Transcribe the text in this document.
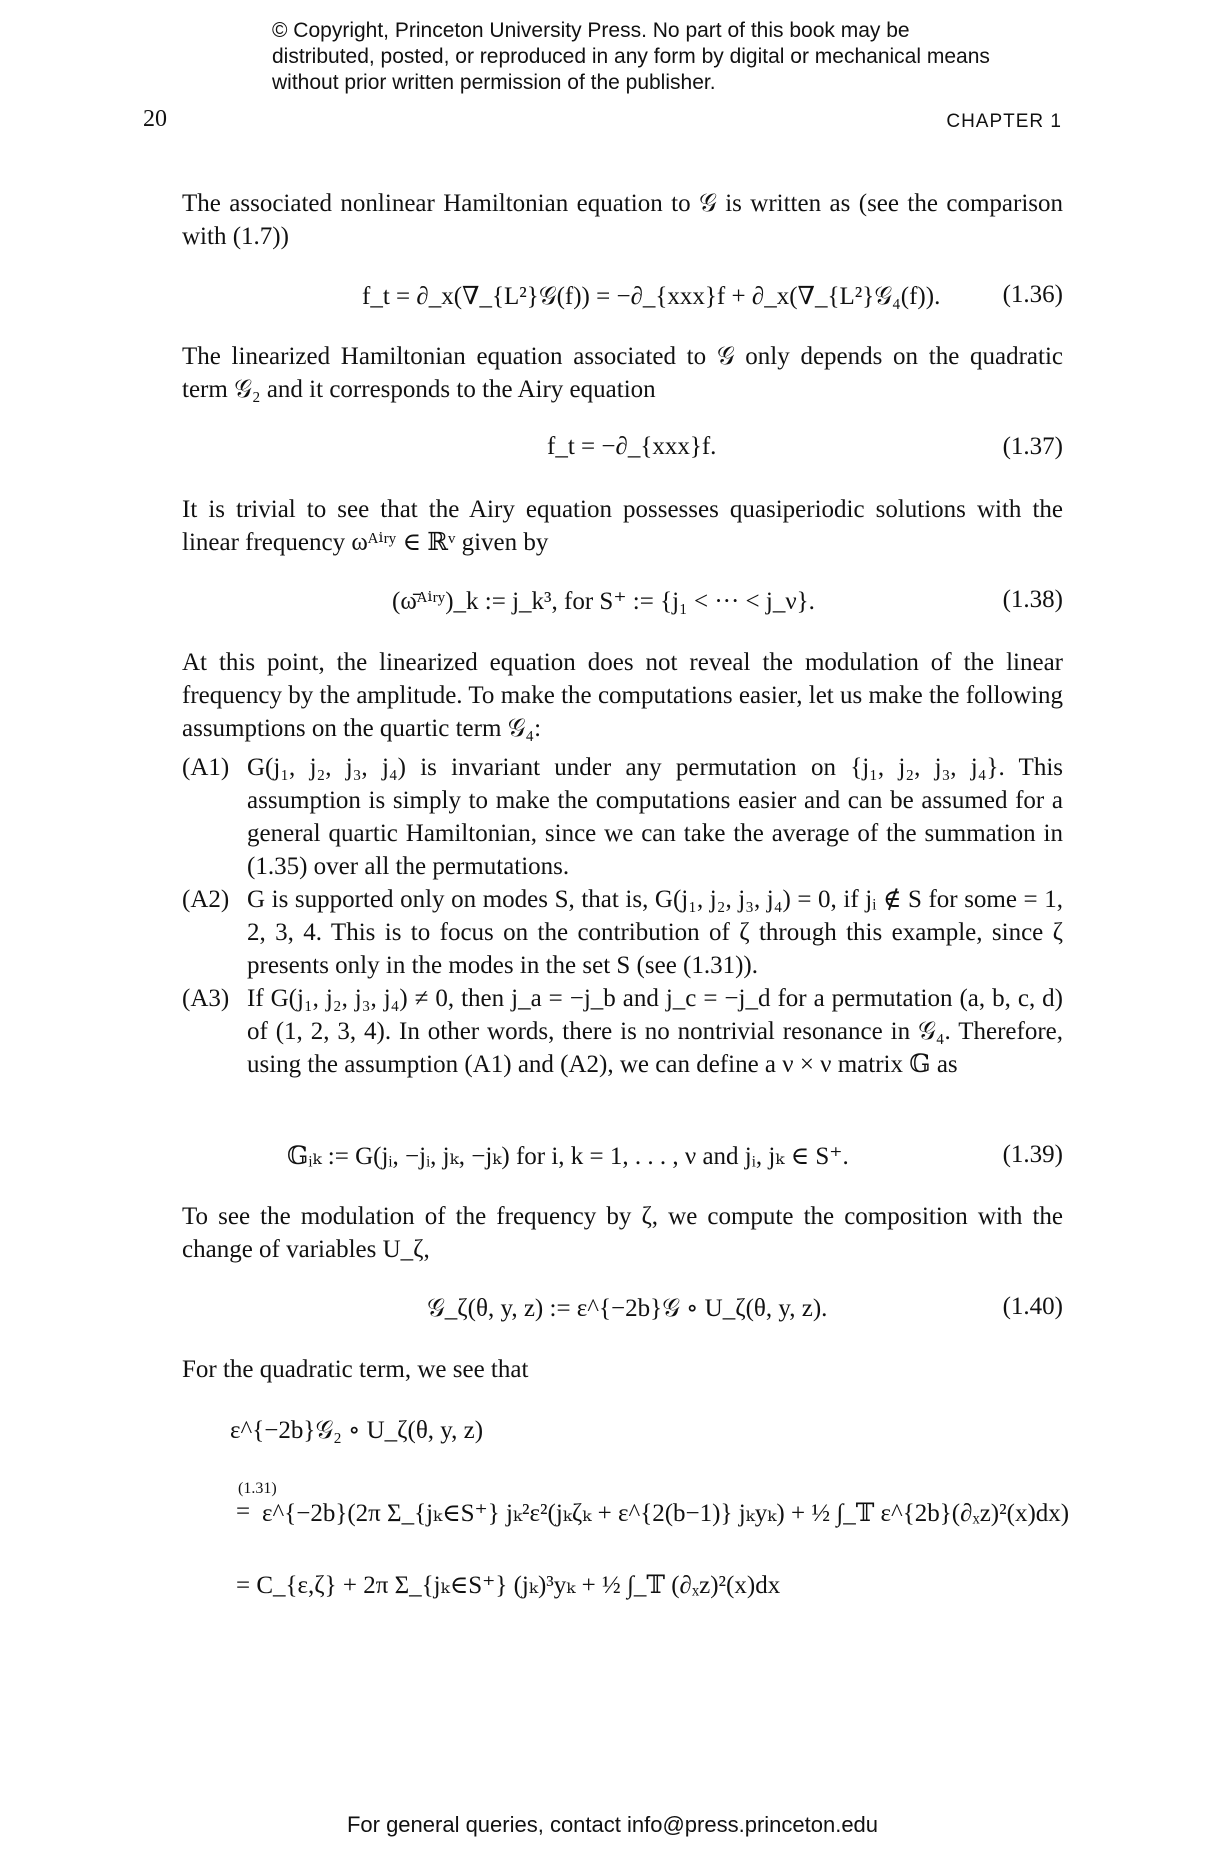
© Copyright, Princeton University Press. No part of this book may be distributed, posted, or reproduced in any form by digital or mechanical means without prior written permission of the publisher.
20	CHAPTER 1
The associated nonlinear Hamiltonian equation to 𝒢 is written as (see the comparison with (1.7))
f_t = ∂_x(∇_{L²}𝒢(f)) = −∂_{xxx}f + ∂_x(∇_{L²}𝒢₄(f)). (1.36)
The linearized Hamiltonian equation associated to 𝒢 only depends on the quadratic term 𝒢₂ and it corresponds to the Airy equation
f_t = −∂_{xxx}f.	(1.37)
It is trivial to see that the Airy equation possesses quasiperiodic solutions with the linear frequency ωᴬⁱʳʸ ∈ ℝᵛ given by
(ω̄ᴬⁱʳʸ)_k := j_k³, for S⁺ := {j₁ < ··· < j_ν}.	(1.38)
At this point, the linearized equation does not reveal the modulation of the linear frequency by the amplitude. To make the computations easier, let us make the following assumptions on the quartic term 𝒢₄:
(A1) G(j₁, j₂, j₃, j₄) is invariant under any permutation on {j₁, j₂, j₃, j₄}. This assumption is simply to make the computations easier and can be assumed for a general quartic Hamiltonian, since we can take the average of the summation in (1.35) over all the permutations.
(A2) G is supported only on modes S, that is, G(j₁, j₂, j₃, j₄) = 0, if jᵢ ∉ S for some = 1, 2, 3, 4. This is to focus on the contribution of ζ through this example, since ζ presents only in the modes in the set S (see (1.31)).
(A3) If G(j₁, j₂, j₃, j₄) ≠ 0, then j_a = −j_b and j_c = −j_d for a permutation (a, b, c, d) of (1, 2, 3, 4). In other words, there is no nontrivial resonance in 𝒢₄. Therefore, using the assumption (A1) and (A2), we can define a ν × ν matrix 𝔾 as
𝔾ᵢₖ := G(jᵢ, −jᵢ, jₖ, −jₖ) for i, k = 1, . . . , ν and jᵢ, jₖ ∈ S⁺.	(1.39)
To see the modulation of the frequency by ζ, we compute the composition with the change of variables U_ζ,
𝒢_ζ(θ, y, z) := ε^{−2b}𝒢 ∘ U_ζ(θ, y, z).	(1.40)
For the quadratic term, we see that
ε^{−2b}𝒢₂ ∘ U_ζ(θ, y, z)
(1.31)
= ε^{−2b}(2π Σ_{jₖ∈S⁺} jₖ²ε²(jₖζₖ + ε^{2(b−1)} jₖyₖ) + ½ ∫_𝕋 ε^{2b}(∂ₓz)²(x)dx)
= C_{ε,ζ} + 2π Σ_{jₖ∈S⁺} (jₖ)³yₖ + ½ ∫_𝕋 (∂ₓz)²(x)dx
For general queries, contact info@press.princeton.edu
